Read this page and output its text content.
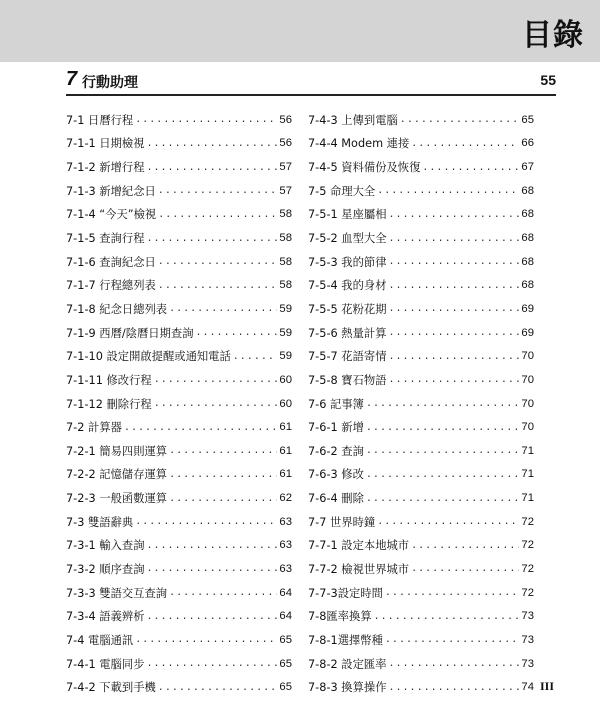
目錄
7 行動助理	55
7-1 日曆行程 .....	56
7-1-1 日期檢視 .....	56
7-1-2 新增行程 .....	57
7-1-3 新增紀念日 .....	57
7-1-4 “今天”檢視 .....	58
7-1-5 查詢行程 .....	58
7-1-6 查詢紀念日 .....	58
7-1-7 行程總列表 .....	58
7-1-8 紀念日總列表 .....	59
7-1-9 西曆/陰曆日期查詢 .....	59
7-1-10 設定開啟提醒或通知電話 .....	59
7-1-11 修改行程 .....	60
7-1-12 刪除行程 .....	60
7-2 計算器 .....	61
7-2-1 簡易四則運算 .....	61
7-2-2 記憶儲存運算 .....	61
7-2-3 一般函數運算 .....	62
7-3 雙語辭典 .....	63
7-3-1 輸入查詢 .....	63
7-3-2 順序查詢 .....	63
7-3-3 雙語交互查詢 .....	64
7-3-4 語義辨析 .....	64
7-4 電腦通訊 .....	65
7-4-1 電腦同步 .....	65
7-4-2 下載到手機 .....	65
7-4-3 上傳到電腦 .....	65
7-4-4 Modem 連接 .....	66
7-4-5 資料備份及恢復 .....	67
7-5 命理大全 .....	68
7-5-1 星座屬相 .....	68
7-5-2 血型大全 .....	68
7-5-3 我的節律 .....	68
7-5-4 我的身材 .....	68
7-5-5 花粉花期 .....	69
7-5-6 熱量計算 .....	69
7-5-7 花語寄情 .....	70
7-5-8 寶石物語 .....	70
7-6 記事簿 .....	70
7-6-1 新增 .....	70
7-6-2 查詢 .....	71
7-6-3 修改 .....	71
7-6-4 刪除 .....	71
7-7 世界時鐘 .....	72
7-7-1 設定本地城市 .....	72
7-7-2 檢視世界城市 .....	72
7-7-3設定時間 .....	72
7-8匯率換算 .....	73
7-8-1選擇幣種 .....	73
7-8-2 設定匯率 .....	73
7-8-3 換算操作 .....	74 III
